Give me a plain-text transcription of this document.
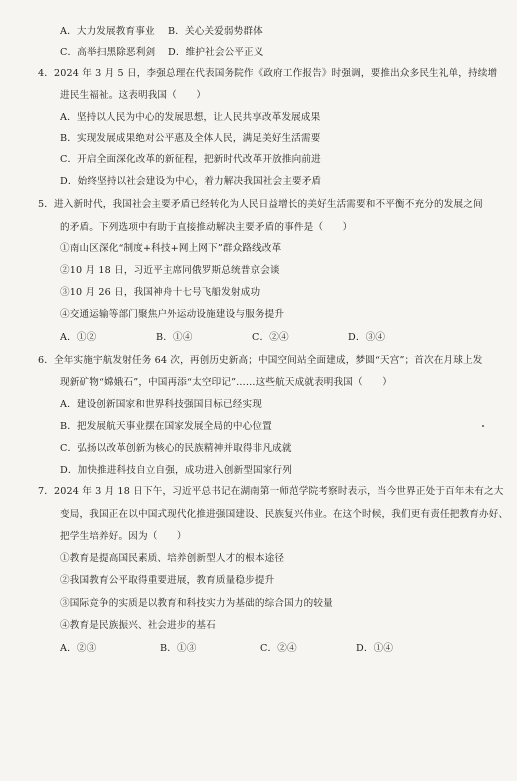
A．大力发展教育事业 B．关心关爱弱势群体
C．高举扫黑除恶利剑 D．维护社会公平正义
4．2024 年 3 月 5 日，李强总理在代表国务院作《政府工作报告》时强调，要推出众多民生礼单，持续增
进民生福祉。这表明我国（　　）
A．坚持以人民为中心的发展思想，让人民共享改革发展成果
B．实现发展成果绝对公平惠及全体人民，满足美好生活需要
C．开启全面深化改革的新征程，把新时代改革开放推向前进
D．始终坚持以社会建设为中心，着力解决我国社会主要矛盾
5．进入新时代，我国社会主要矛盾已经转化为人民日益增长的美好生活需要和不平衡不充分的发展之间
的矛盾。下列选项中有助于直接推动解决主要矛盾的事件是（　　）
①南山区深化“制度+科技+网上网下”群众路线改革
②10 月 18 日，习近平主席同俄罗斯总统普京会谈
③10 月 26 日，我国神舟十七号飞船发射成功
④交通运输等部门聚焦户外运动设施建设与服务提升
A．①②	B．①④	C．②④	D．③④
6．全年实施宇航发射任务 64 次，再创历史新高；中国空间站全面建成，梦圆“天宫”；首次在月球上发
现新矿物“嫦娥石”，中国再添“太空印记”……这些航天成就表明我国（　　）
A．建设创新国家和世界科技强国目标已经实现
B．把发展航天事业摆在国家发展全局的中心位置
C．弘扬以改革创新为核心的民族精神并取得非凡成就
D．加快推进科技自立自强，成功进入创新型国家行列
7．2024 年 3 月 18 日下午，习近平总书记在湖南第一师范学院考察时表示，当今世界正处于百年未有之大
变局，我国正在以中国式现代化推进强国建设、民族复兴伟业。在这个时候，我们更有责任把教育办好、
把学生培养好。因为（　　）
①教育是提高国民素质、培养创新型人才的根本途径
②我国教育公平取得重要进展，教育质量稳步提升
③国际竞争的实质是以教育和科技实力为基础的综合国力的较量
④教育是民族振兴、社会进步的基石
A．②③	B．①③	C．②④	D．①④
